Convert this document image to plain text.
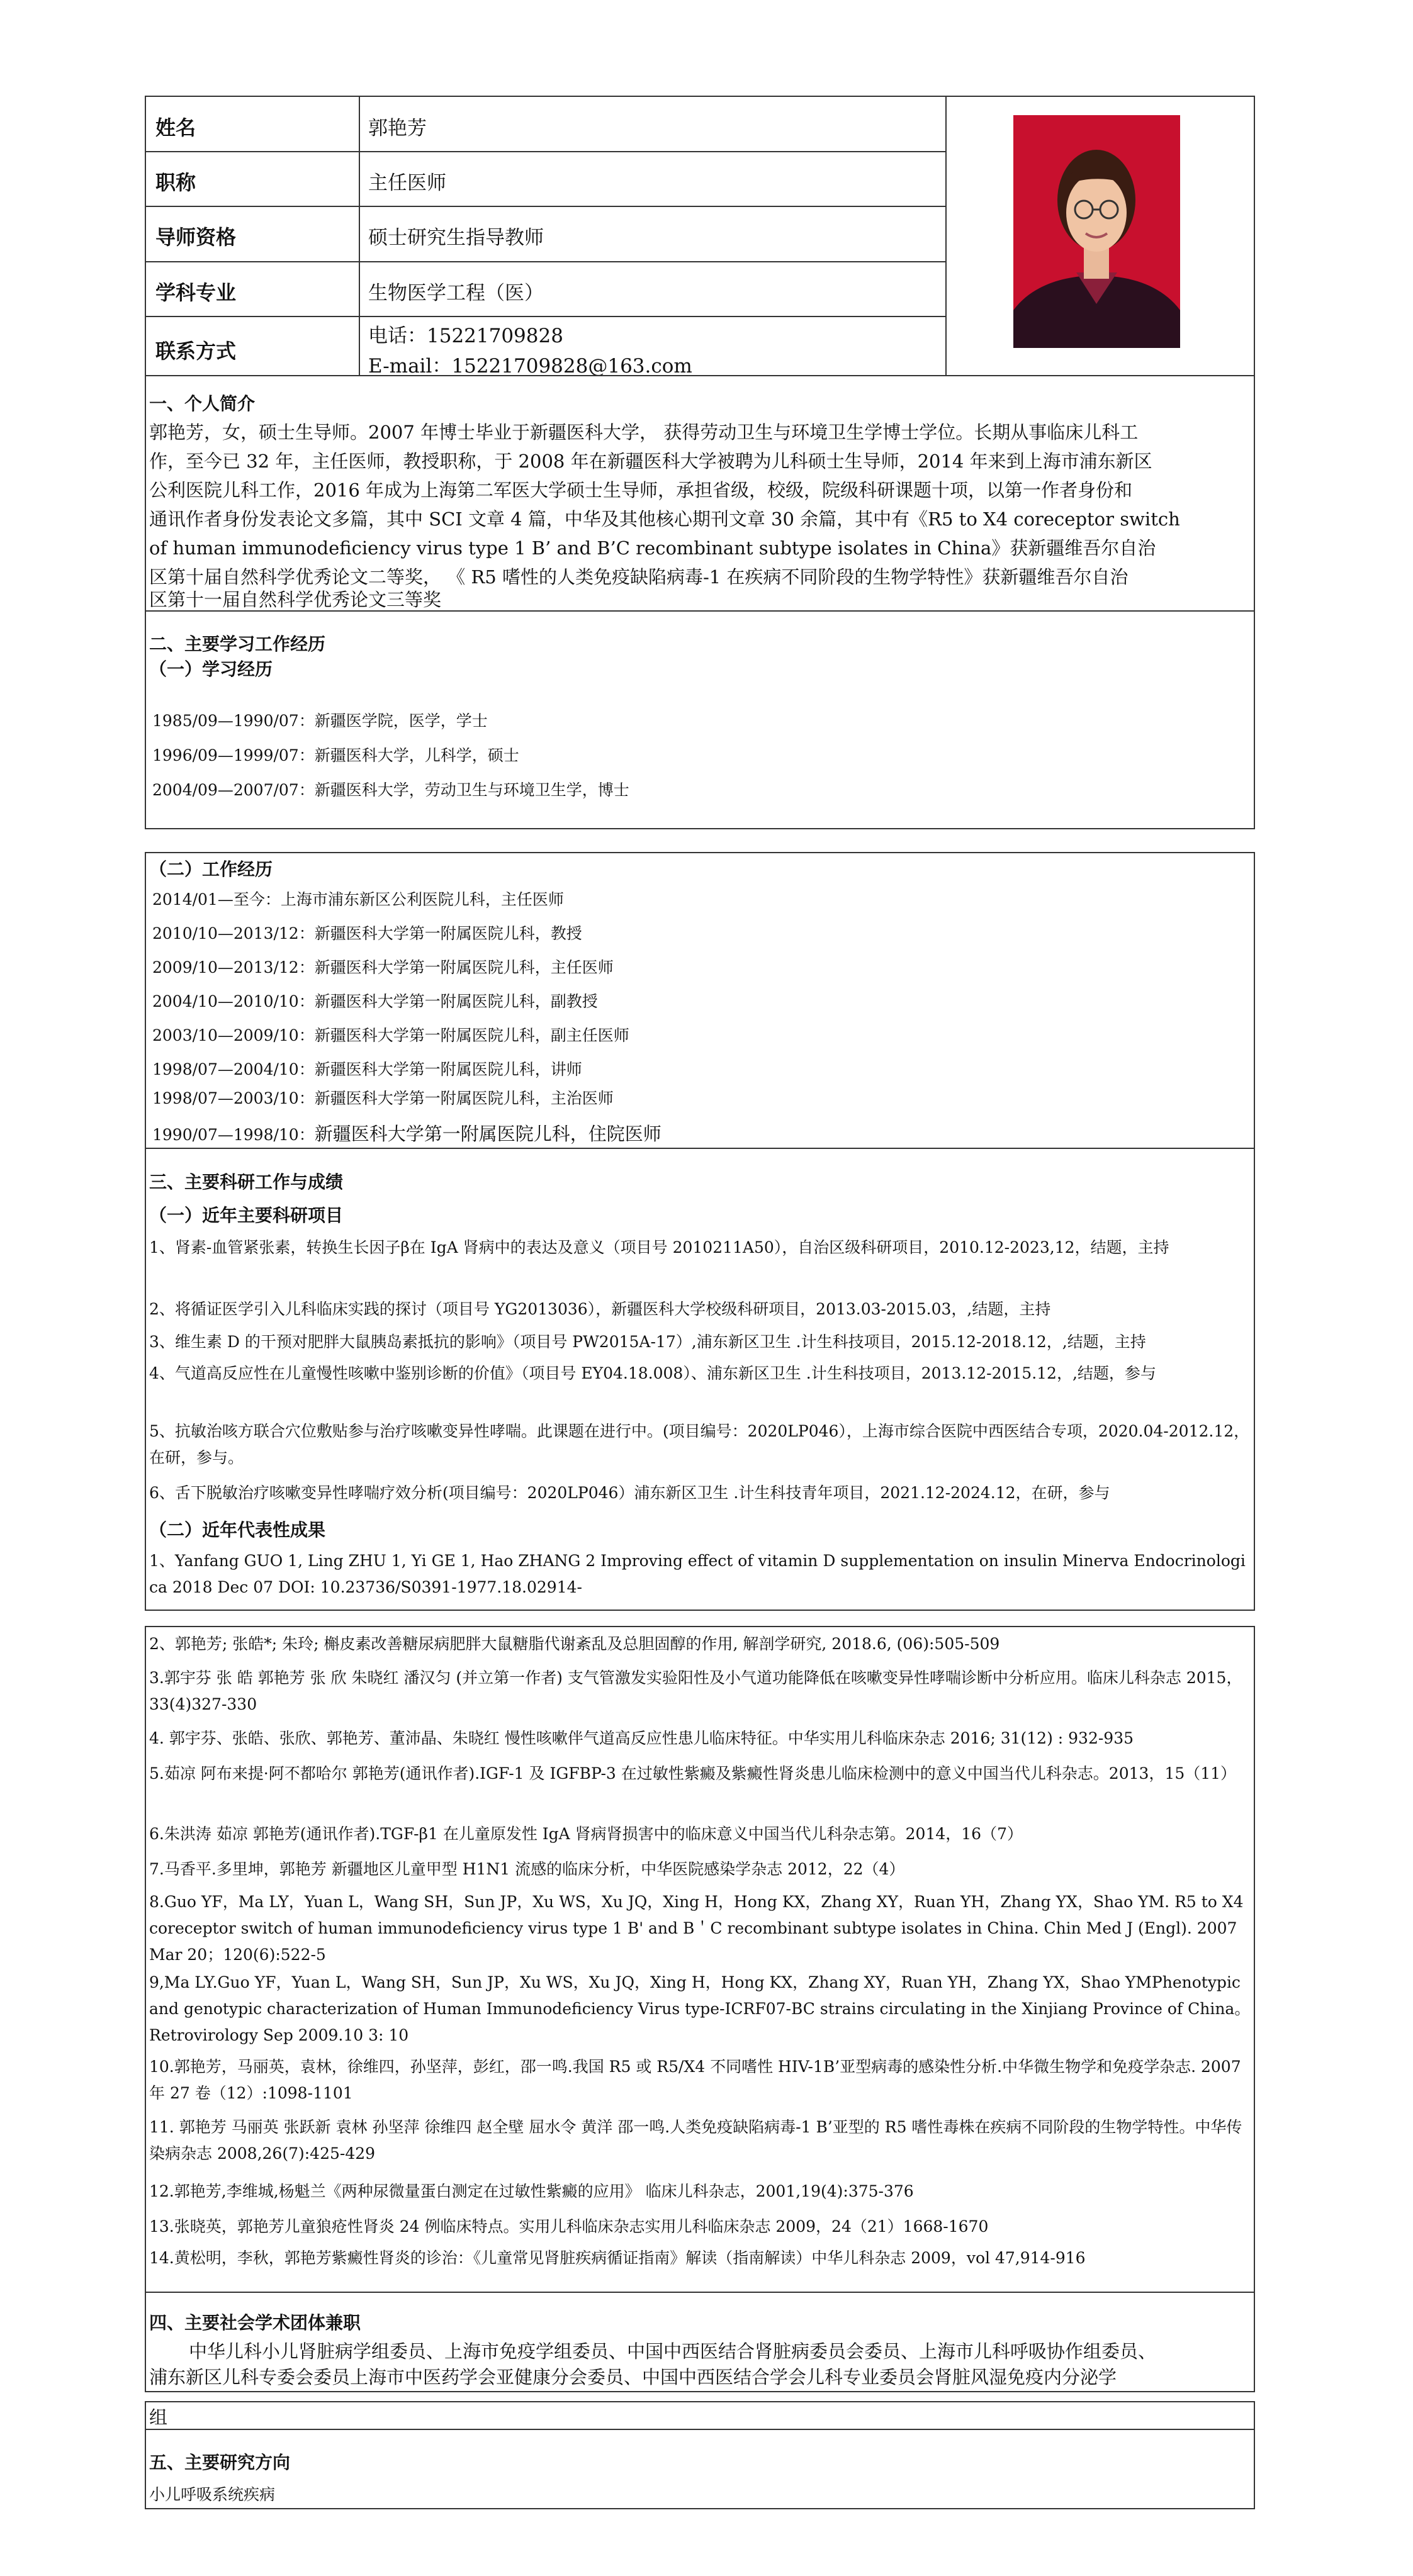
姓名	郭艳芳
职称	主任医师
导师资格	硕士研究生指导教师
学科专业	生物医学工程（医）
联系方式
电话：15221709828
E-mail：15221709828@163.com
一、个人简介
郭艳芳，女，硕士生导师。2007 年博士毕业于新疆医科大学， 获得劳动卫生与环境卫生学博士学位。长期从事临床儿科工
作，至今已 32 年，主任医师，教授职称，于 2008 年在新疆医科大学被聘为儿科硕士生导师，2014 年来到上海市浦东新区
公利医院儿科工作，2016 年成为上海第二军医大学硕士生导师，承担省级，校级，院级科研课题十项，以第一作者身份和
通讯作者身份发表论文多篇，其中 SCI 文章 4 篇，中华及其他核心期刊文章 30 余篇，其中有《R5 to X4 coreceptor switch
of human immunodeficiency virus type 1 B’ and B’C recombinant subtype isolates in China》获新疆维吾尔自治
区第十届自然科学优秀论文二等奖， 《 R5 嗜性的人类免疫缺陷病毒-1 在疾病不同阶段的生物学特性》获新疆维吾尔自治
区第十一届自然科学优秀论文三等奖
二、主要学习工作经历
（一）学习经历
1985/09—1990/07：新疆医学院，医学，学士
1996/09—1999/07：新疆医科大学，儿科学，硕士
2004/09—2007/07：新疆医科大学，劳动卫生与环境卫生学，博士
（二）工作经历
2014/01—至今：上海市浦东新区公利医院儿科，主任医师
2010/10—2013/12：新疆医科大学第一附属医院儿科，教授
2009/10—2013/12：新疆医科大学第一附属医院儿科，主任医师
2004/10—2010/10：新疆医科大学第一附属医院儿科，副教授
2003/10—2009/10：新疆医科大学第一附属医院儿科，副主任医师
1998/07—2004/10：新疆医科大学第一附属医院儿科，讲师
1998/07—2003/10：新疆医科大学第一附属医院儿科，主治医师
1990/07—1998/10：新疆医科大学第一附属医院儿科，住院医师
三、主要科研工作与成绩
（一）近年主要科研项目
1、肾素-血管紧张素，转换生长因子β在 IgA 肾病中的表达及意义（项目号 2010211A50），自治区级科研项目，2010.12-2023,12，结题，主持
2、将循证医学引入儿科临床实践的探讨（项目号 YG2013036），新疆医科大学校级科研项目，2013.03-2015.03，,结题，主持
3、维生素 D 的干预对肥胖大鼠胰岛素抵抗的影响》（项目号 PW2015A-17）,浦东新区卫生 .计生科技项目，2015.12-2018.12，,结题，主持
4、气道高反应性在儿童慢性咳嗽中鉴别诊断的价值》（项目号 EY04.18.008）、浦东新区卫生 .计生科技项目，2013.12-2015.12，,结题，参与
5、抗敏治咳方联合穴位敷贴参与治疗咳嗽变异性哮喘。此课题在进行中。(项目编号：2020LP046），上海市综合医院中西医结合专项，2020.04-2012.12，在研，参与。
6、舌下脱敏治疗咳嗽变异性哮喘疗效分析(项目编号：2020LP046）浦东新区卫生 .计生科技青年项目，2021.12-2024.12，在研，参与
（二）近年代表性成果
1、Yanfang GUO 1, Ling ZHU 1, Yi GE 1, Hao ZHANG 2 Improving effect of vitamin D supplementation on insulin Minerva Endocrinologica 2018 Dec 07 DOI: 10.23736/S0391-1977.18.02914-
2、郭艳芳; 张皓*; 朱玲; 槲皮素改善糖尿病肥胖大鼠糖脂代谢紊乱及总胆固醇的作用, 解剖学研究, 2018.6, (06):505-509
3.郭宇芬 张 皓 郭艳芳 张 欣 朱晓红 潘汉匀 (并立第一作者) 支气管激发实验阳性及小气道功能降低在咳嗽变异性哮喘诊断中分析应用。临床儿科杂志 2015，33(4)327-330
4. 郭宇芬、张皓、张欣、郭艳芳、董沛晶、朱晓红 慢性咳嗽伴气道高反应性患儿临床特征。中华实用儿科临床杂志 2016; 31(12) : 932-935
5.茹凉 阿布来提·阿不都哈尔 郭艳芳(通讯作者).IGF-1 及 IGFBP-3 在过敏性紫癜及紫癜性肾炎患儿临床检测中的意义中国当代儿科杂志。2013，15（11）
6.朱洪涛 茹凉 郭艳芳(通讯作者).TGF-β1 在儿童原发性 IgA 肾病肾损害中的临床意义中国当代儿科杂志第。2014，16（7）
7.马香平.多里坤，郭艳芳 新疆地区儿童甲型 H1N1 流感的临床分析，中华医院感染学杂志 2012，22（4）
8.Guo YF，Ma LY，Yuan L，Wang SH，Sun JP，Xu WS，Xu JQ，Xing H，Hong KX，Zhang XY，Ruan YH，Zhang YX，Shao YM. R5 to X4 coreceptor switch of human immunodeficiency virus type 1 B' and B＇C recombinant subtype isolates in China. Chin Med J (Engl). 2007 Mar 20；120(6):522-5
9,Ma LY.Guo YF，Yuan L，Wang SH，Sun JP，Xu WS，Xu JQ，Xing H，Hong KX，Zhang XY，Ruan YH，Zhang YX，Shao YMPhenotypic and genotypic characterization of Human Immunodeficiency Virus type-ⅠCRF07-BC strains circulating in the Xinjiang Province of China。Retrovirology Sep 2009.10 3: 10
10.郭艳芳，马丽英，袁林，徐维四，孙坚萍，彭红，邵一鸣.我国 R5 或 R5/X4 不同嗜性 HIV-1B’亚型病毒的感染性分析.中华微生物学和免疫学杂志. 2007 年 27 卷（12）:1098-1101
11. 郭艳芳 马丽英 张跃新 袁林 孙坚萍 徐维四 赵全壁 屈水令 黄洋 邵一鸣.人类免疫缺陷病毒-1 B’亚型的 R5 嗜性毒株在疾病不同阶段的生物学特性。中华传染病杂志 2008,26(7):425-429
12.郭艳芳,李维城,杨魁兰《两种尿微量蛋白测定在过敏性紫癜的应用》 临床儿科杂志，2001,19(4):375-376
13.张晓英，郭艳芳儿童狼疮性肾炎 24 例临床特点。实用儿科临床杂志实用儿科临床杂志 2009，24（21）1668-1670
14.黄松明，李秋，郭艳芳紫癜性肾炎的诊治：《儿童常见肾脏疾病循证指南》解读（指南解读）中华儿科杂志 2009，vol 47,914-916
四、主要社会学术团体兼职
中华儿科小儿肾脏病学组委员、上海市免疫学组委员、中国中西医结合肾脏病委员会委员、上海市儿科呼吸协作组委员、
浦东新区儿科专委会委员上海市中医药学会亚健康分会委员、中国中西医结合学会儿科专业委员会肾脏风湿免疫内分泌学
组
五、主要研究方向
小儿呼吸系统疾病
